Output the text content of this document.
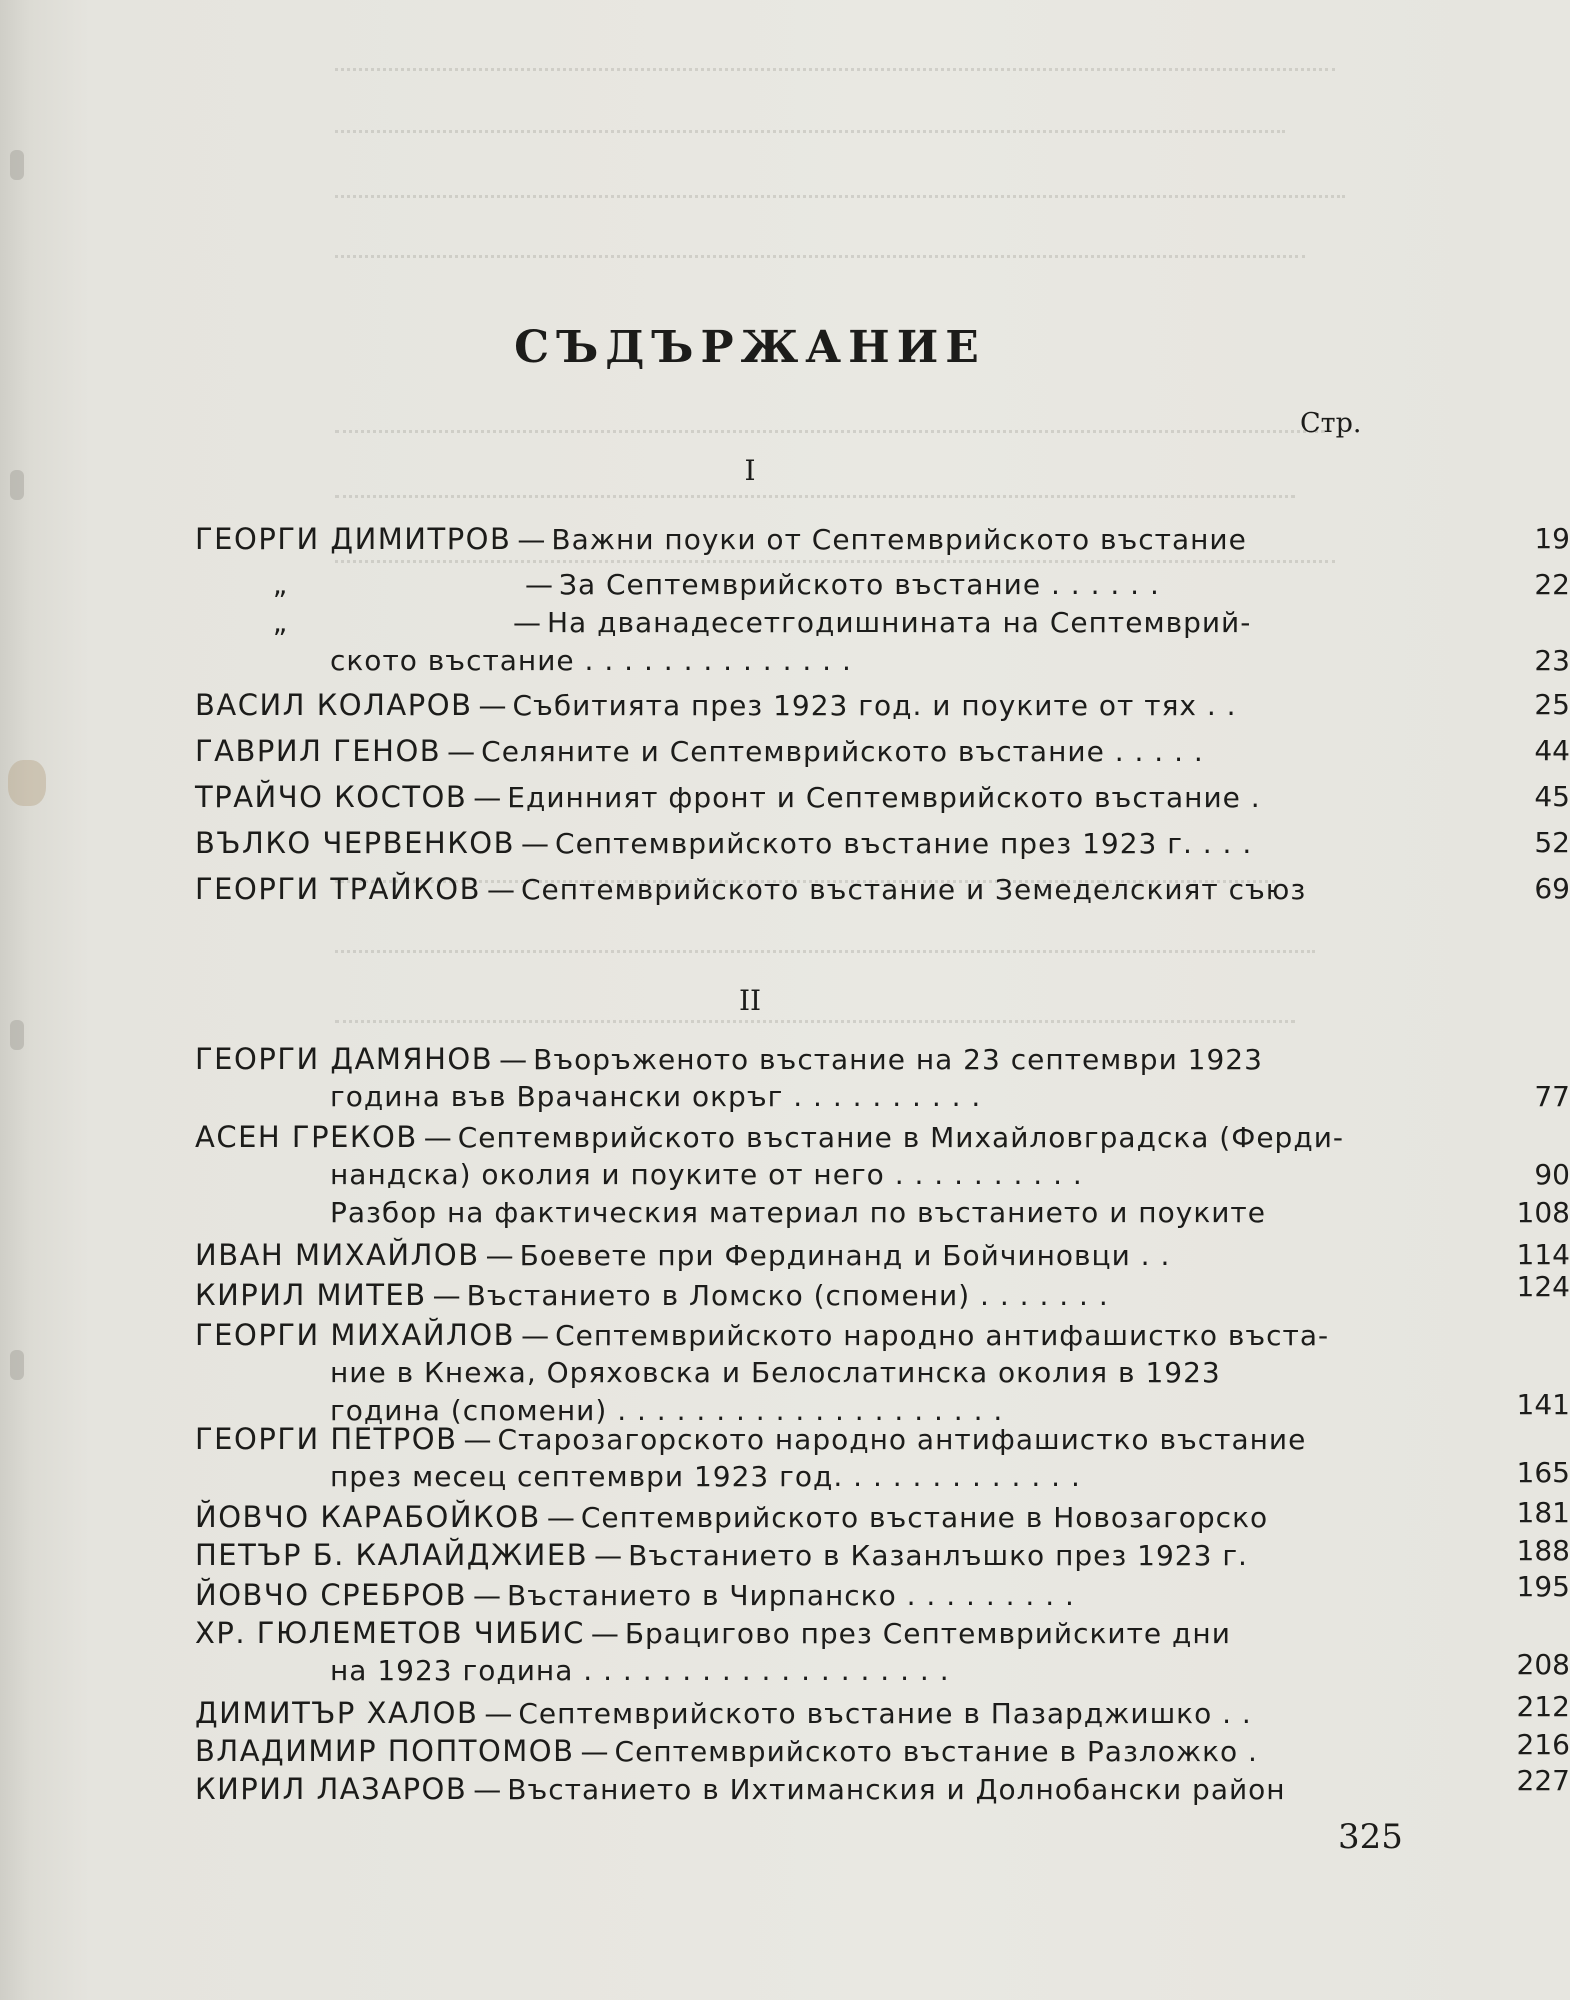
СЪДЪРЖАНИЕ
Стр.
I
ГЕОРГИ ДИМИТРОВ — Важни поуки от Септемврийското въстание	19
„	— За Септемврийското въстание . . . . . .	22
„	— На дванадесетгодишнината на Септемврий-
ското въстание . . . . . . . . . . . . . .	23
ВАСИЛ КОЛАРОВ — Събитията през 1923 год. и поуките от тях . .	25
ГАВРИЛ ГЕНОВ — Селяните и Септемврийското въстание . . . . .	44
ТРАЙЧО КОСТОВ — Единният фронт и Септемврийското въстание .	45
ВЪЛКО ЧЕРВЕНКОВ — Септемврийското въстание през 1923 г. . . .	52
ГЕОРГИ ТРАЙКОВ — Септемврийското въстание и Земеделският съюз	69
II
ГЕОРГИ ДАМЯНОВ — Въоръженото въстание на 23 септември 1923
година във Врачански окръг . . . . . . . . . .	77
АСЕН ГРЕКОВ — Септемврийското въстание в Михайловградска (Ферди-
нандска) околия и поуките от него . . . . . . . . . .	90
Разбор на фактическия материал по въстанието и поуките	108
ИВАН МИХАЙЛОВ — Боевете при Фердинанд и Бойчиновци . .	114
КИРИЛ МИТЕВ — Въстанието в Ломско (спомени) . . . . . . .	124
ГЕОРГИ МИХАЙЛОВ — Септемврийското народно антифашистко въста-
ние в Кнежа, Оряховска и Белослатинска околия в 1923
година (спомени) . . . . . . . . . . . . . . . . . . . .	141
ГЕОРГИ ПЕТРОВ — Старозагорското народно антифашистко въстание
през месец септември 1923 год. . . . . . . . . . . . .	165
ЙОВЧО КАРАБОЙКОВ — Септемврийското въстание в Новозагорско	181
ПЕТЪР Б. КАЛАЙДЖИЕВ — Въстанието в Казанлъшко през 1923 г.	188
ЙОВЧО СРЕБРОВ — Въстанието в Чирпанско . . . . . . . . .	195
ХР. ГЮЛЕМЕТОВ ЧИБИС — Брацигово през Септемврийските дни
на 1923 година . . . . . . . . . . . . . . . . . . .	208
ДИМИТЪР ХАЛОВ — Септемврийското въстание в Пазарджишко . .	212
ВЛАДИМИР ПОПТОМОВ — Септемврийското въстание в Разложко .	216
КИРИЛ ЛАЗАРОВ — Въстанието в Ихтиманския и Долнобански район	227
325
